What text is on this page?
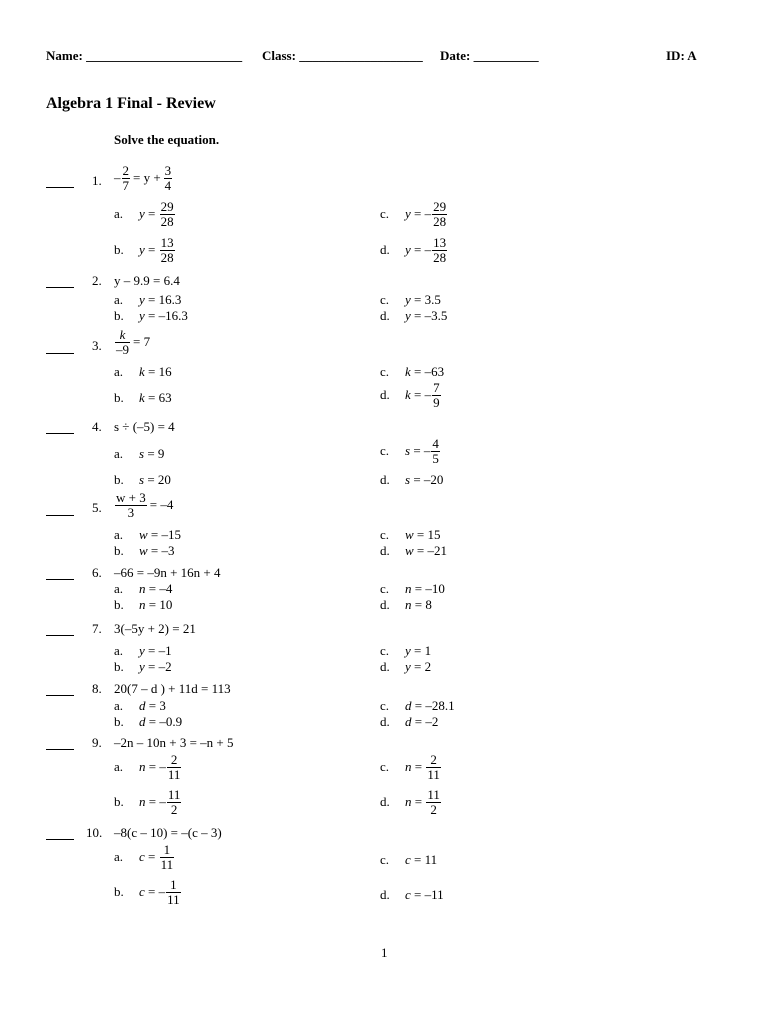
Name: ________________________ Class: ___________________ Date: __________	ID: A
Algebra 1 Final - Review
Solve the equation.
1. – $\frac{2}{7} = y + \frac{3}{4}$
a.	y
=
$\frac{29}{28}$
b.	y
=
$\frac{13}{28}$
c.	y
=
– $\frac{29}{28}$
d.	y
=
– $\frac{13}{28}$
2. y – 9.9 = 6.4
a. y = 16.3
b. y = –16.3
c. y = 3.5
d. y = –3.5
3. $\frac{k}{-9} = 7$
a. k = 16
b. k = 63
c. k = –63
d.	k
=
– $\frac{7}{9}$
4. s ÷ (–5) = 4
a. s = 9
b. s = 20
c.	s
=
– $\frac{4}{5}$
d. s = –20
5. $\frac{w + 3}{3} = -4$
a. w = –15
b. w = –3
c. w = 15
d. w = –21
6. –66 = –9n + 16n + 4
a. n = –4
b. n = 10
c. n = –10
d. n = 8
7. 3(–5y + 2) = 21
a. y = –1
b. y = –2
c. y = 1
d. y = 2
8. 20(7 – d ) + 11d = 113
a. d = 3
b. d = –0.9
c. d = –28.1
d. d = –2
9. –2n – 10n + 3 = –n + 5
a.	n
=
– $\frac{2}{11}$
b.	n
=
– $\frac{11}{2}$
c.	n
=
$\frac{2}{11}$
d.	n
=
$\frac{11}{2}$
10. –8(c – 10) = –(c – 3)
a.	c
=
$\frac{1}{11}$
b.	c
=
– $\frac{1}{11}$
c. c = 11
d. c = –11
1
